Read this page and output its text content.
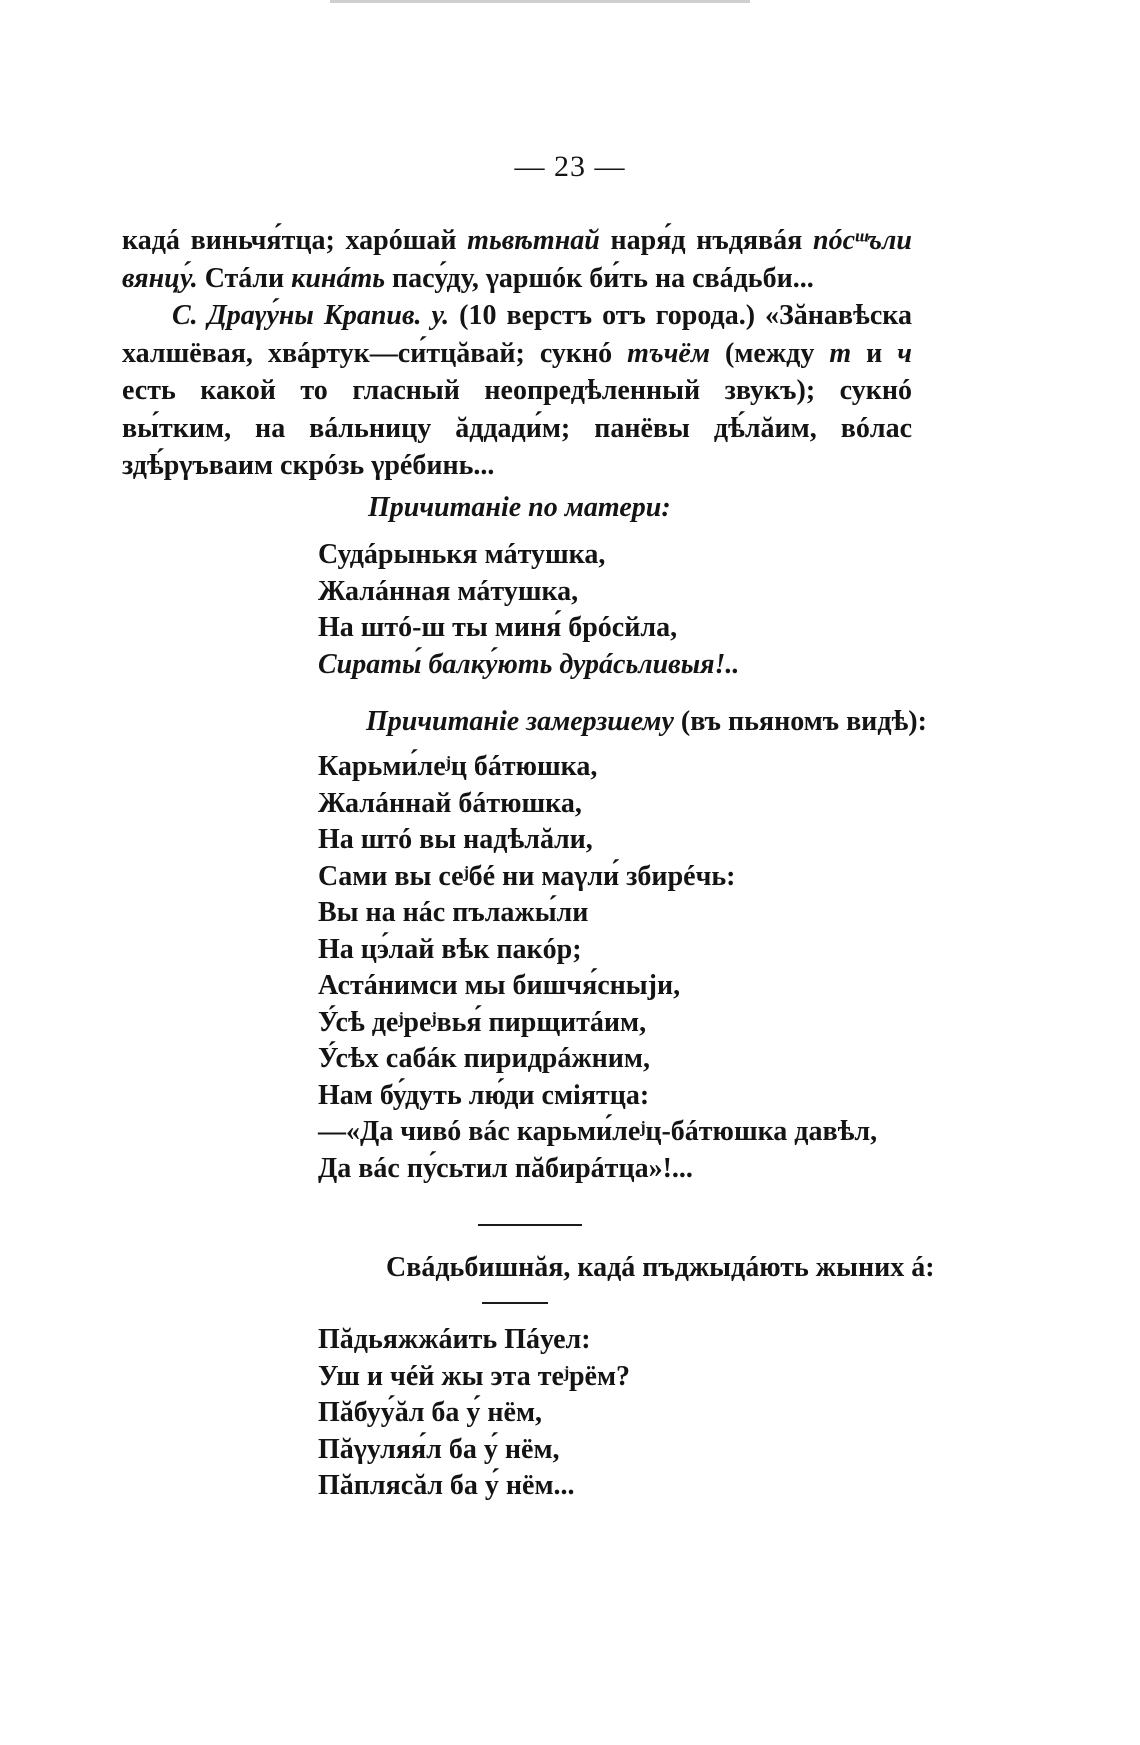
— 23 —

кадá виньчя́тца; харóшай тьвѣтнай наря́д нъдявáя пóсᵚъли вянцу́. Стáли кинáть пасу́ду, γаршóк би́ть на свáдьби...

С. Драγу́ны Крапив. у. (10 верстъ отъ города.) «Зăнавѣска халшёвая, хвáртук—си́тцăвай; сукнó тъчём (между т и ч есть какой то гласный неопредѣленный звукъ); сукнó вы́тким, на вáльницу ăддади́м; панёвы дѣ́лăим, вóлас здѣ́рγъваим скрóзь γрéбинь...

Причитаніе по матери:
Судáрынькя мáтушка,
Жалáнная мáтушка,
На штó-ш ты миня́ брóсйла,
Сираты́ балку́ють дурáсьливыя!..
Причитаніе замерзшему (въ пьяномъ видѣ):
Карьми́леʲц бáтюшка,
Жалáннай бáтюшка,
На штó вы надѣлăли,
Сами вы сеʲбé ни маγли́ збирéчь:
Вы на нáс пълажы́ли
На цэ́лай вѣк пакóр;
Астáнимси мы бишчя́сныjи,
У́сѣ деʲреʲвья́ пирщитáим,
У́сѣх сабáк пиридрáжним,
Нам бу́дуть лю́ди сміятца:
—«Да чивó вáс карьми́леʲц-бáтюшка давѣл,
Да вáс пу́сьтил пăбирáтца»!...
Свáдьбишнăя, кадá пъджыдáють жыних á:
Пăдьяжжáить Пáуел:
Уш и чéй жы эта теʲрём?
Пăбуу́ăл ба у́ нём,
Пăγуляя́л ба у́ нём,
Пăплясăл ба у́ нём...
